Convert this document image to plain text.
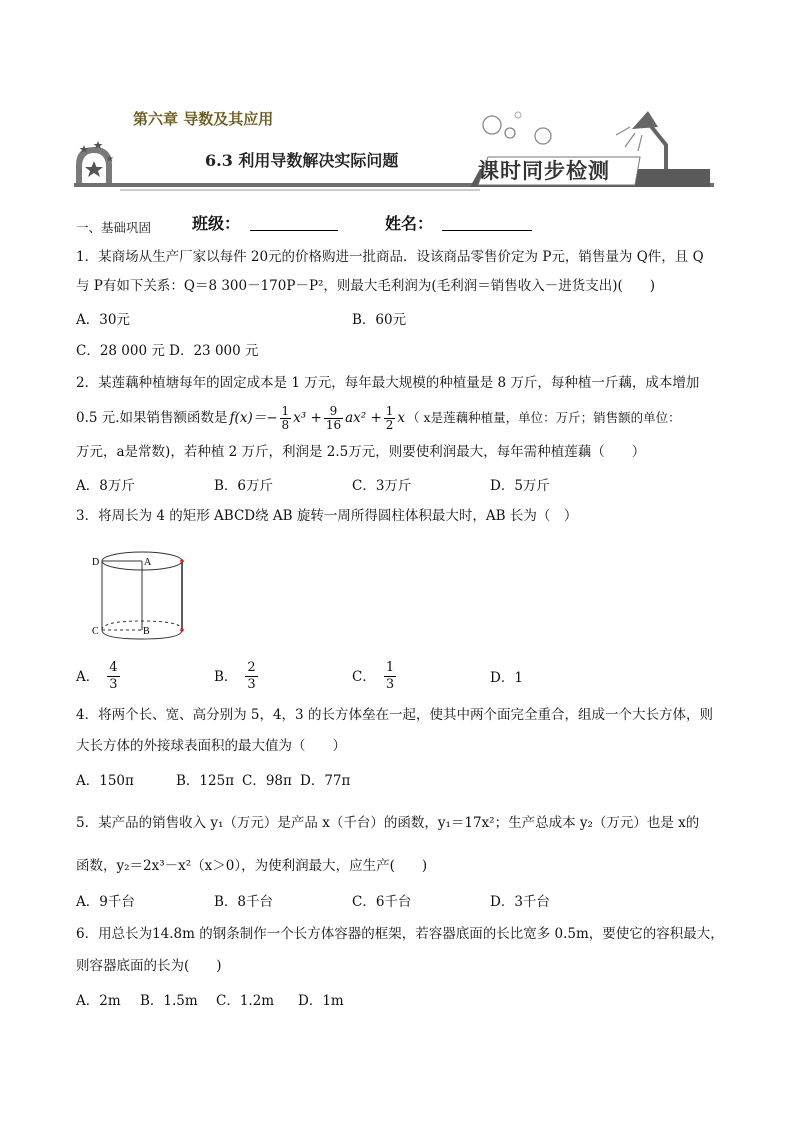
第六章 导数及其应用
6.3 利用导数解决实际问题	课时同步检测
一、基础巩固	班级：	姓名：
1．某商场从生产厂家以每件 20元的价格购进一批商品．设该商品零售价定为 P元，销售量为 Q件，且 Q
与 P有如下关系：Q＝8 300－170P－P²，则最大毛利润为(毛利润＝销售收入－进货支出)(　　)
A．30元	B．60元
C．28 000 元 D．23 000 元
2．某莲藕种植塘每年的固定成本是 1 万元，每年最大规模的种植量是 8 万斤，每种植一斤藕，成本增加
0.5 元.如果销售额函数是 $f(x)=- \frac{1}{8} x^3 + \frac{9}{16} ax^2 + \frac{1}{2}$ x （ x是莲藕种植量，单位：万斤；销售额的单位：
万元，a是常数)，若种植 2 万斤，利润是 2.5万元，则要使利润最大，每年需种植莲藕（　　）
A．8万斤	B．6万斤	C．3万斤	D．5万斤
3．将周长为 4 的矩形 ABCD绕 AB 旋转一周所得圆柱体积最大时，AB 长为（　）
D	A
C	B
A． $\frac{4}{3}$	B． $\frac{2}{3}$	C． $\frac{1}{3}$	D．1
4．将两个长、宽、高分别为 5，4，3 的长方体垒在一起，使其中两个面完全重合，组成一个大长方体，则
大长方体的外接球表面积的最大值为（　　）
A．150π	B．125π C．98π D．77π
5．某产品的销售收入 y₁（万元）是产品 x（千台）的函数，y₁＝17x²；生产总成本 y₂（万元）也是 x的
函数，y₂＝2x³－x²（x＞0），为使利润最大，应生产(　　)
A．9千台	B．8千台	C．6千台	D．3千台
6．用总长为14.8m 的钢条制作一个长方体容器的框架，若容器底面的长比宽多 0.5m，要使它的容积最大，
则容器底面的长为(　　)
A．2m B．1.5m C．1.2m D．1m
